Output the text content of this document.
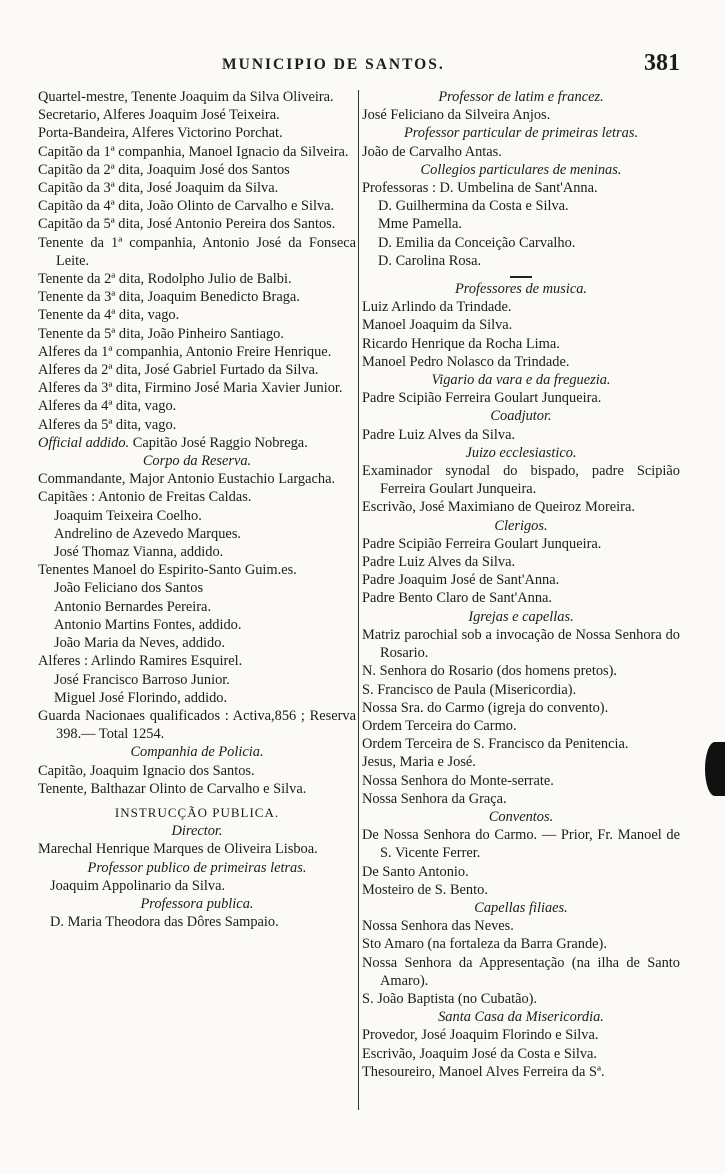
MUNICIPIO DE SANTOS.	381
Quartel-mestre, Tenente Joaquim da Silva Oliveira.
Secretario, Alferes Joaquim José Teixeira.
Porta-Bandeira, Alferes Victorino Porchat.
Capitão da 1ª companhia, Manoel Ignacio da Silveira.
Capitão da 2ª dita, Joaquim José dos Santos
Capitão da 3ª dita, José Joaquim da Silva.
Capitão da 4ª dita, João Olinto de Carvalho e Silva.
Capitão da 5ª dita, José Antonio Pereira dos Santos.
Tenente da 1ª companhia, Antonio José da Fonseca Leite.
Tenente da 2ª dita, Rodolpho Julio de Balbi.
Tenente da 3ª dita, Joaquim Benedicto Braga.
Tenente da 4ª dita, vago.
Tenente da 5ª dita, João Pinheiro Santiago.
Alferes da 1ª companhia, Antonio Freire Henrique.
Alferes da 2ª dita, José Gabriel Furtado da Silva.
Alferes da 3ª dita, Firmino José Maria Xavier Junior.
Alferes da 4ª dita, vago.
Alferes da 5ª dita, vago.
Official addido. Capitão José Raggio Nobrega.
Corpo da Reserva.
Commandante, Major Antonio Eustachio Largacha.
Capitães : Antonio de Freitas Caldas.
Joaquim Teixeira Coelho.
Andrelino de Azevedo Marques.
José Thomaz Vianna, addido.
Tenentes Manoel do Espirito-Santo Guim.es.
João Feliciano dos Santos
Antonio Bernardes Pereira.
Antonio Martins Fontes, addido.
João Maria da Neves, addido.
Alferes : Arlindo Ramires Esquirel.
José Francisco Barroso Junior.
Miguel José Florindo, addido.
Guarda Nacionaes qualificados : Activa,856 ; Reserva 398.— Total 1254.
Companhia de Policia.
Capitão, Joaquim Ignacio dos Santos.
Tenente, Balthazar Olinto de Carvalho e Silva.
INSTRUCÇÃO PUBLICA.
Director.
Marechal Henrique Marques de Oliveira Lisboa.
Professor publico de primeiras letras.
Joaquim Appolinario da Silva.
Professora publica.
D. Maria Theodora das Dôres Sampaio.
Professor de latim e francez.
José Feliciano da Silveira Anjos.
Professor particular de primeiras letras.
João de Carvalho Antas.
Collegios particulares de meninas.
Professoras : D. Umbelina de Sant'Anna.
D. Guilhermina da Costa e Silva.
Mme Pamella.
D. Emilia da Conceição Carvalho.
D. Carolina Rosa.
Professores de musica.
Luiz Arlindo da Trindade.
Manoel Joaquim da Silva.
Ricardo Henrique da Rocha Lima.
Manoel Pedro Nolasco da Trindade.
Vigario da vara e da freguezia.
Padre Scipião Ferreira Goulart Junqueira.
Coadjutor.
Padre Luiz Alves da Silva.
Juizo ecclesiastico.
Examinador synodal do bispado, padre Scipião Ferreira Goulart Junqueira.
Escrivão, José Maximiano de Queiroz Moreira.
Clerigos.
Padre Scipião Ferreira Goulart Junqueira.
Padre Luiz Alves da Silva.
Padre Joaquim José de Sant'Anna.
Padre Bento Claro de Sant'Anna.
Igrejas e capellas.
Matriz parochial sob a invocação de Nossa Senhora do Rosario.
N. Senhora do Rosario (dos homens pretos).
S. Francisco de Paula (Misericordia).
Nossa Sra. do Carmo (igreja do convento).
Ordem Terceira do Carmo.
Ordem Terceira de S. Francisco da Penitencia.
Jesus, Maria e José.
Nossa Senhora do Monte-serrate.
Nossa Senhora da Graça.
Conventos.
De Nossa Senhora do Carmo. — Prior, Fr. Manoel de S. Vicente Ferrer.
De Santo Antonio.
Mosteiro de S. Bento.
Capellas filiaes.
Nossa Senhora das Neves.
Sto Amaro (na fortaleza da Barra Grande).
Nossa Senhora da Appresentação (na ilha de Santo Amaro).
S. João Baptista (no Cubatão).
Santa Casa da Misericordia.
Provedor, José Joaquim Florindo e Silva.
Escrivão, Joaquim José da Costa e Silva.
Thesoureiro, Manoel Alves Ferreira da Sª.
